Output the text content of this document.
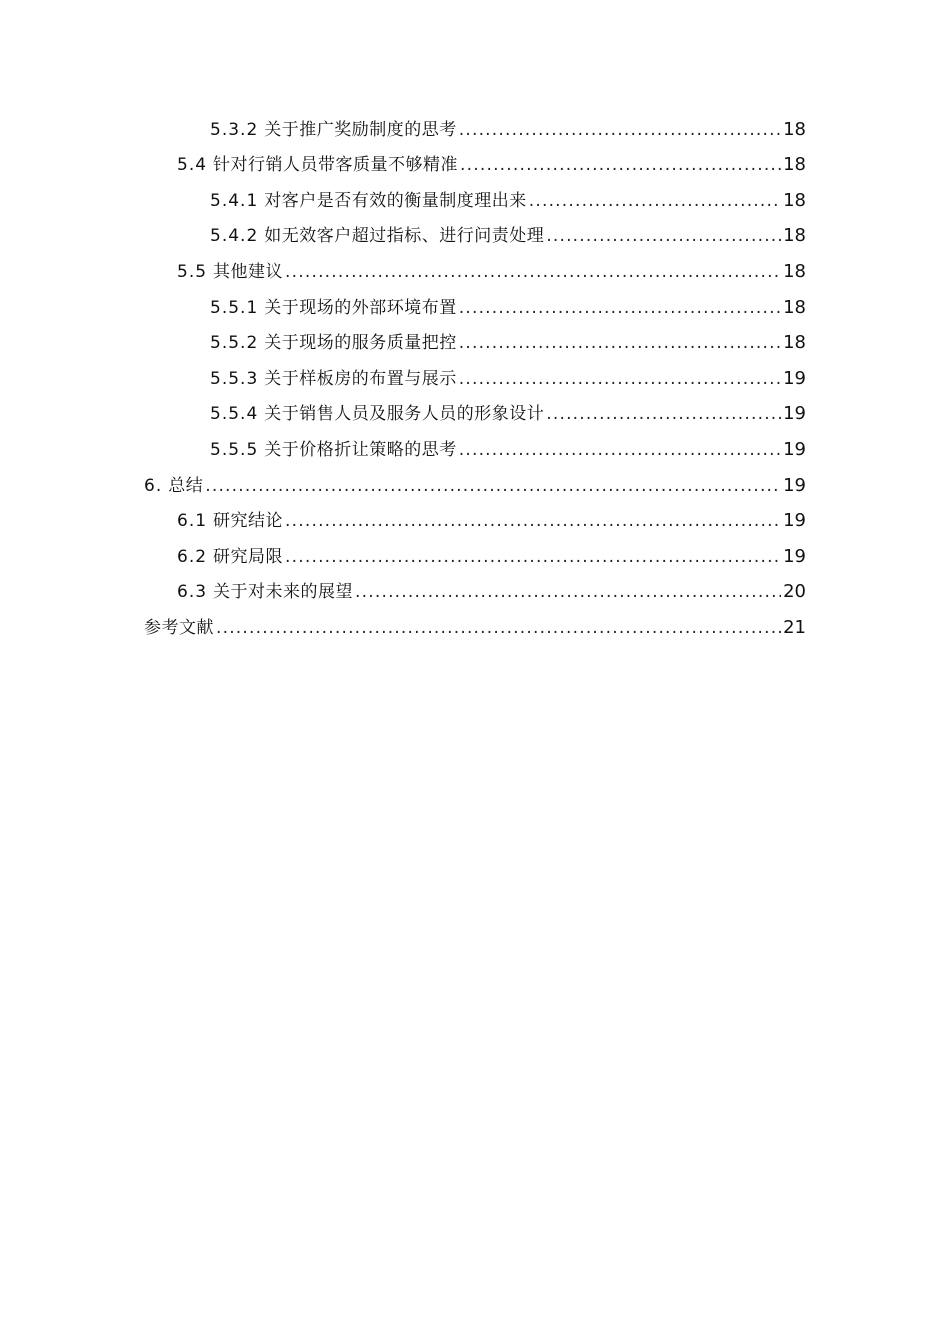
5.3.2 关于推广奖励制度的思考 .....	18
5.4 针对行销人员带客质量不够精准 .....	18
5.4.1 对客户是否有效的衡量制度理出来 .....	18
5.4.2 如无效客户超过指标、进行问责处理 .....	18
5.5 其他建议 .....	18
5.5.1 关于现场的外部环境布置 .....	18
5.5.2 关于现场的服务质量把控 .....	18
5.5.3 关于样板房的布置与展示 .....	19
5.5.4 关于销售人员及服务人员的形象设计 .....	19
5.5.5 关于价格折让策略的思考 .....	19
6. 总结 .....	19
6.1 研究结论 .....	19
6.2 研究局限 .....	19
6.3 关于对未来的展望 .....	20
参考文献 .....	21
